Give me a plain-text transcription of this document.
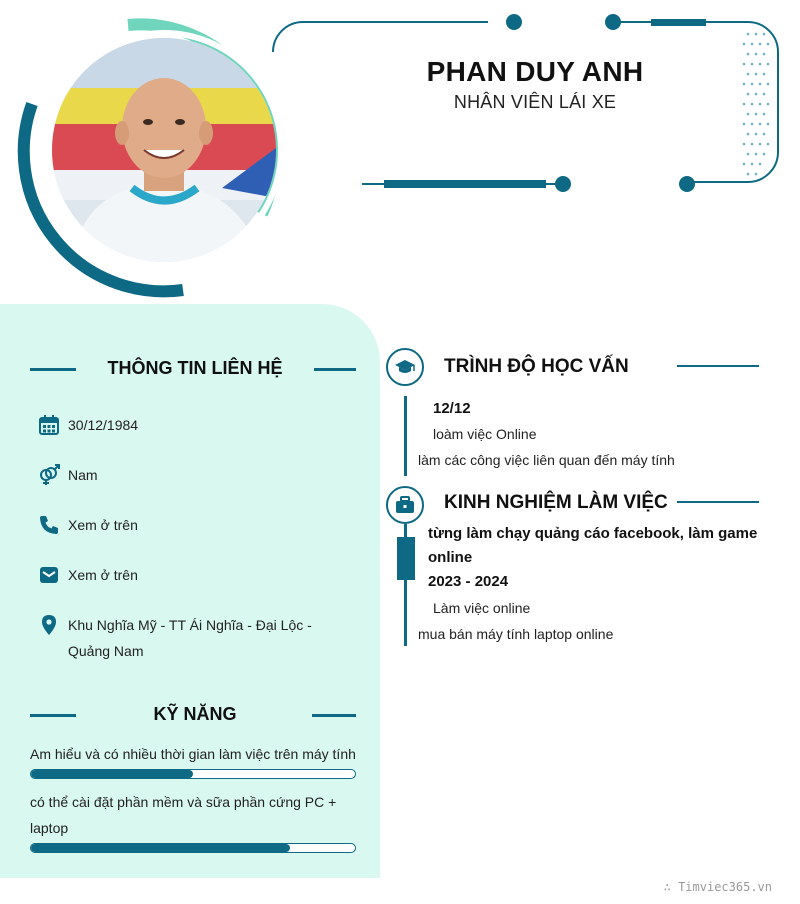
PHAN DUY ANH
NHÂN VIÊN LÁI XE
THÔNG TIN LIÊN HỆ
30/12/1984
Nam
Xem ở trên
Xem ở trên
Khu Nghĩa Mỹ - TT Ái Nghĩa - Đại Lộc - Quảng Nam
KỸ NĂNG
Am hiểu và có nhiều thời gian làm việc trên máy tính
có thể cài đặt phần mềm và sữa phần cứng PC + laptop
TRÌNH ĐỘ HỌC VẤN
12/12
loàm việc Online
làm các công việc liên quan đến máy tính
KINH NGHIỆM LÀM VIỆC
từng làm chạy quảng cáo facebook, làm game online
2023 - 2024
Làm việc online
mua bán máy tính laptop online
∴ Timviec365.vn
